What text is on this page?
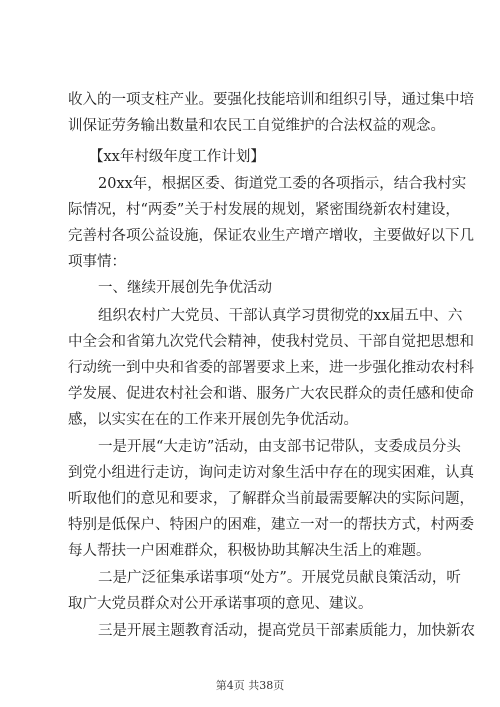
收入的一项支柱产业。要强化技能培训和组织引导，通过集中培
训保证劳务输出数量和农民工自觉维护的合法权益的观念。
【xx年村级年度工作计划】
20xx年，根据区委、街道党工委的各项指示，结合我村实
际情况，村“两委”关于村发展的规划，紧密围绕新农村建设，
完善村各项公益设施，保证农业生产增产增收，主要做好以下几
项事情：
一、继续开展创先争优活动
组织农村广大党员、干部认真学习贯彻党的xx届五中、六
中全会和省第九次党代会精神，使我村党员、干部自觉把思想和
行动统一到中央和省委的部署要求上来，进一步强化推动农村科
学发展、促进农村社会和谐、服务广大农民群众的责任感和使命
感，以实实在在的工作来开展创先争优活动。
一是开展“大走访”活动，由支部书记带队，支委成员分头
到党小组进行走访，询问走访对象生活中存在的现实困难，认真
听取他们的意见和要求，了解群众当前最需要解决的实际问题，
特别是低保户、特困户的困难，建立一对一的帮扶方式，村两委
每人帮扶一户困难群众，积极协助其解决生活上的难题。
二是广泛征集承诺事项“处方”。开展党员献良策活动，听
取广大党员群众对公开承诺事项的意见、建议。
三是开展主题教育活动，提高党员干部素质能力，加快新农
第4页 共38页
